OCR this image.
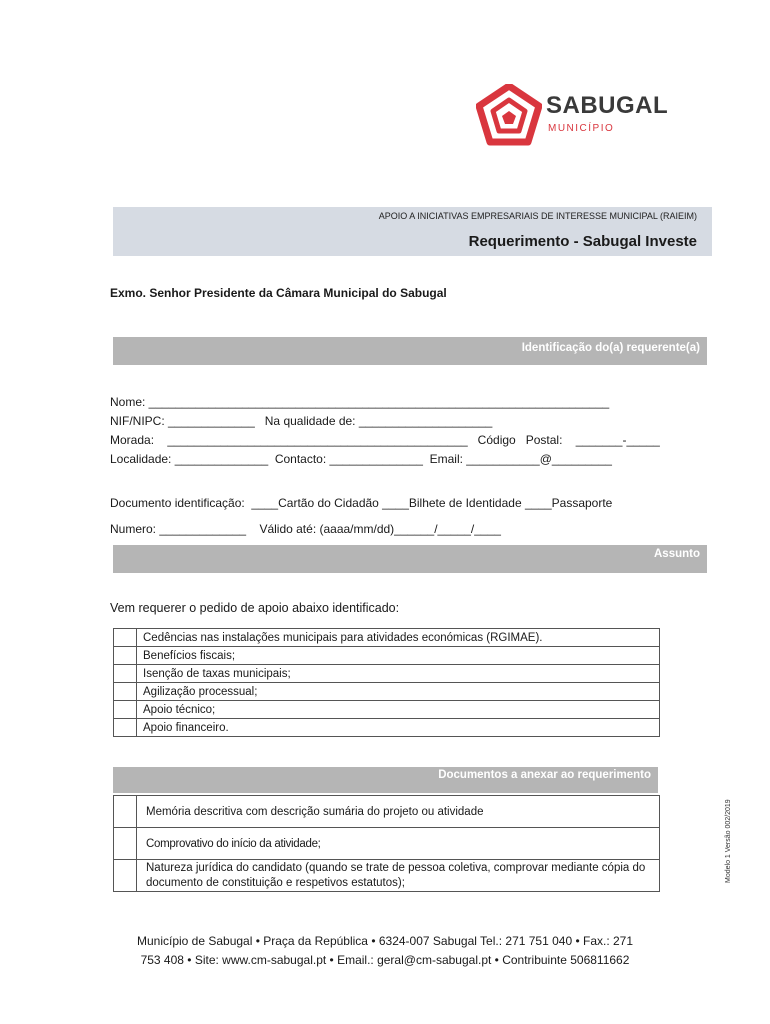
SABUGAL
MUNICÍPIO
APOIO A INICIATIVAS EMPRESARIAIS DE INTERESSE MUNICIPAL (RAIEIM)
Requerimento - Sabugal Investe
Exmo. Senhor Presidente da Câmara Municipal do Sabugal
Identificação do(a) requerente(a)
Nome: _____________________________________________________________________
NIF/NIPC: _____________   Na qualidade de: ____________________
Morada:    _____________________________________________   Código   Postal:    _______-_____
Localidade: ______________  Contacto: ______________  Email: ___________@_________
Documento identificação:  ____Cartão do Cidadão ____Bilhete de Identidade ____Passaporte
Numero: _____________    Válido até: (aaaa/mm/dd)______/_____/____
Assunto
Vem requerer o pedido de apoio abaixo identificado:
	Cedências nas instalações municipais para atividades económicas (RGIMAE).
	Benefícios fiscais;
	Isenção de taxas municipais;
	Agilização processual;
	Apoio técnico;
	Apoio financeiro.
Documentos a anexar ao requerimento
	Memória descritiva com descrição sumária do projeto ou atividade
	Comprovativo do início da atividade;
	Natureza jurídica do candidato (quando se trate de pessoa coletiva, comprovar mediante cópia do documento de constituição e respetivos estatutos);	Modelo 1 Versão 002/2019
Município de Sabugal • Praça da República • 6324-007 Sabugal Tel.: 271 751 040 • Fax.: 271
753 408 • Site: www.cm-sabugal.pt • Email.: geral@cm-sabugal.pt • Contribuinte 506811662
